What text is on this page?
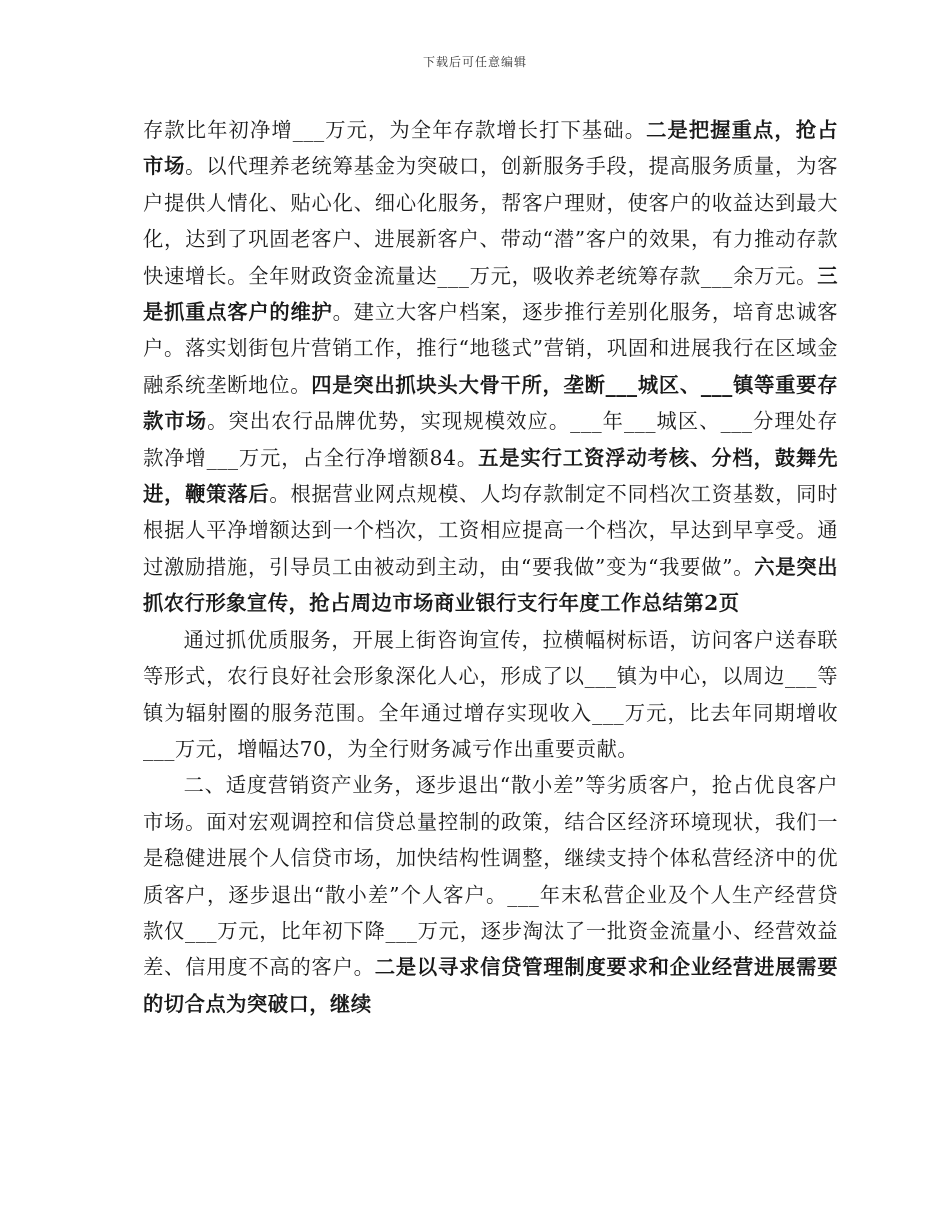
下载后可任意编辑

存款比年初净增___万元，为全年存款增长打下基础。二是把握重点，抢占市场。以代理养老统筹基金为突破口，创新服务手段，提高服务质量，为客户提供人情化、贴心化、细心化服务，帮客户理财，使客户的收益达到最大化，达到了巩固老客户、进展新客户、带动“潜”客户的效果，有力推动存款快速增长。全年财政资金流量达___万元，吸收养老统筹存款___余万元。三是抓重点客户的维护。建立大客户档案，逐步推行差别化服务，培育忠诚客户。落实划街包片营销工作，推行“地毯式”营销，巩固和进展我行在区域金融系统垄断地位。四是突出抓块头大骨干所，垄断___城区、___镇等重要存款市场。突出农行品牌优势，实现规模效应。___年___城区、___分理处存款净增___万元，占全行净增额84。五是实行工资浮动考核、分档，鼓舞先进，鞭策落后。根据营业网点规模、人均存款制定不同档次工资基数，同时根据人平净增额达到一个档次，工资相应提高一个档次，早达到早享受。通过激励措施，引导员工由被动到主动，由“要我做”变为“我要做”。六是突出抓农行形象宣传，抢占周边市场商业银行支行年度工作总结第2页

通过抓优质服务，开展上街咨询宣传，拉横幅树标语，访问客户送春联等形式，农行良好社会形象深化人心，形成了以___镇为中心，以周边___等镇为辐射圈的服务范围。全年通过增存实现收入___万元，比去年同期增收___万元，增幅达70，为全行财务减亏作出重要贡献。

二、适度营销资产业务，逐步退出“散小差”等劣质客户，抢占优良客户市场。面对宏观调控和信贷总量控制的政策，结合区经济环境现状，我们一是稳健进展个人信贷市场，加快结构性调整，继续支持个体私营经济中的优质客户，逐步退出“散小差”个人客户。___年末私营企业及个人生产经营贷款仅___万元，比年初下降___万元，逐步淘汰了一批资金流量小、经营效益差、信用度不高的客户。二是以寻求信贷管理制度要求和企业经营进展需要的切合点为突破口，继续
